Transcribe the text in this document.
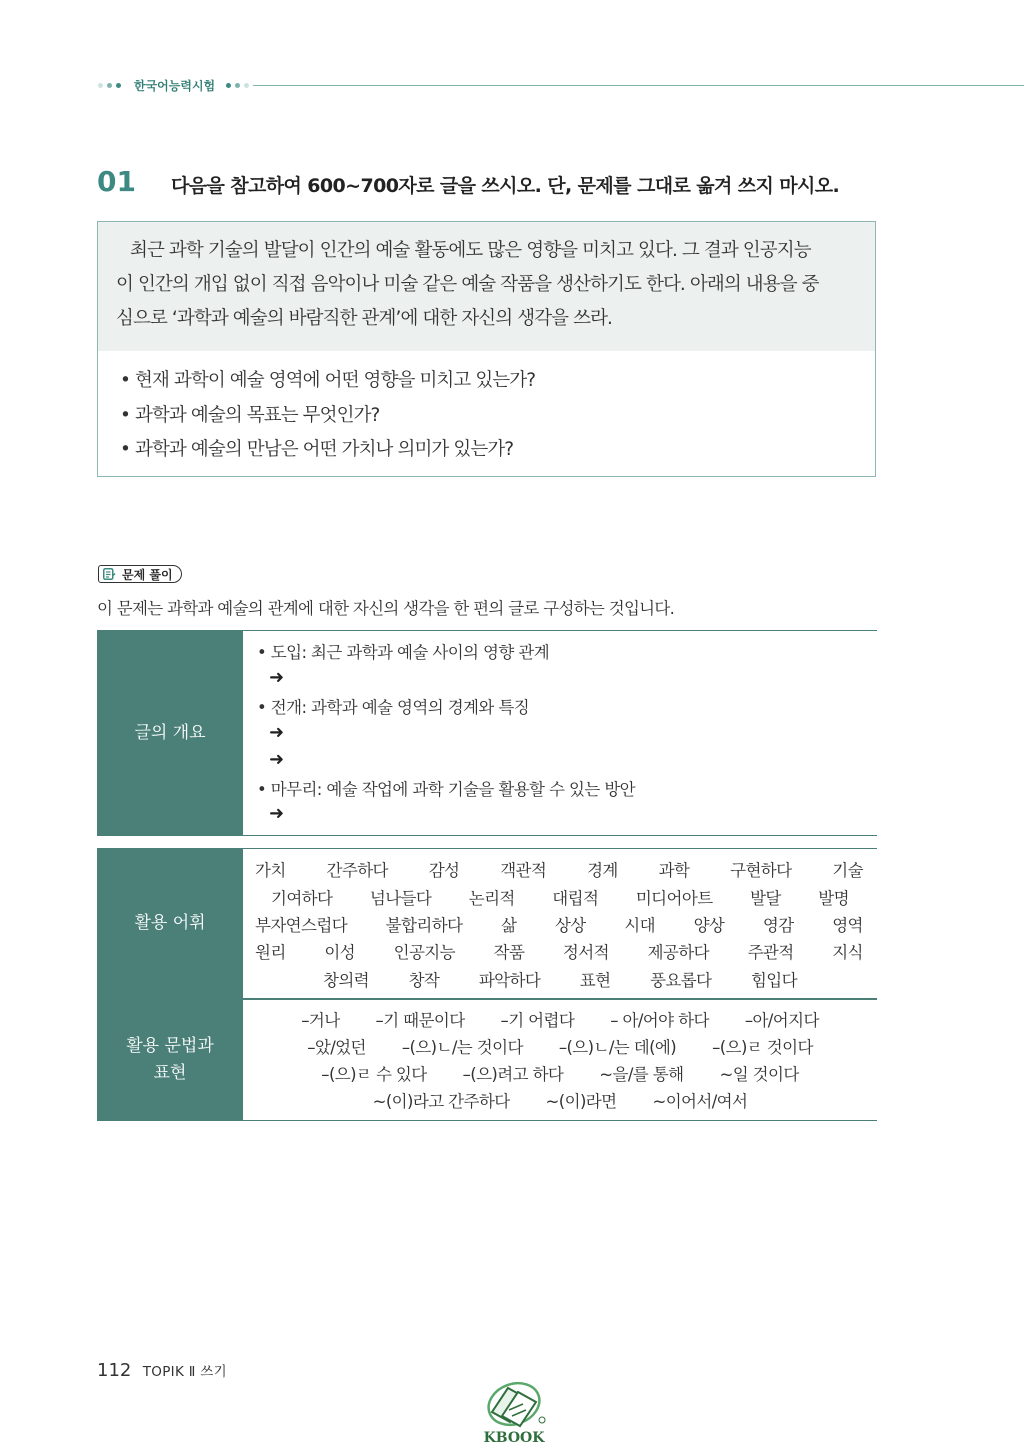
한국어능력시험
01 다음을 참고하여 600~700자로 글을 쓰시오. 단, 문제를 그대로 옮겨 쓰지 마시오.
최근 과학 기술의 발달이 인간의 예술 활동에도 많은 영향을 미치고 있다. 그 결과 인공지능
이 인간의 개입 없이 직접 음악이나 미술 같은 예술 작품을 생산하기도 한다. 아래의 내용을 중
심으로 ‘과학과 예술의 바람직한 관계’에 대한 자신의 생각을 쓰라.
• 현재 과학이 예술 영역에 어떤 영향을 미치고 있는가?
• 과학과 예술의 목표는 무엇인가?
• 과학과 예술의 만남은 어떤 가치나 의미가 있는가?
문제 풀이
이 문제는 과학과 예술의 관계에 대한 자신의 생각을 한 편의 글로 구성하는 것입니다.
글의 개요
• 도입: 최근 과학과 예술 사이의 영향 관계
➜
• 전개: 과학과 예술 영역의 경계와 특징
➜
➜
• 마무리: 예술 작업에 과학 기술을 활용할 수 있는 방안
➜
활용 어휘
활용 문법과
표현
가치 간주하다 감성 객관적 경계 과학 구현하다 기술
기여하다 넘나들다 논리적 대립적 미디어아트 발달 발명
부자연스럽다 불합리하다 삶 상상 시대 양상 영감 영역
원리 이성 인공지능 작품 정서적 제공하다 주관적 지식
창의력 창작 파악하다 표현 풍요롭다 힘입다
–거나 –기 때문이다 –기 어렵다 – 아/어야 하다 –아/어지다
–았/었던 –(으)ㄴ/는 것이다 –(으)ㄴ/는 데(에) –(으)ㄹ 것이다
–(으)ㄹ 수 있다 –(으)려고 하다 ~을/를 통해 ~일 것이다
~(이)라고 간주하다 ~(이)라면 ~이어서/여서
112 TOPIK Ⅱ 쓰기
KBOOK
